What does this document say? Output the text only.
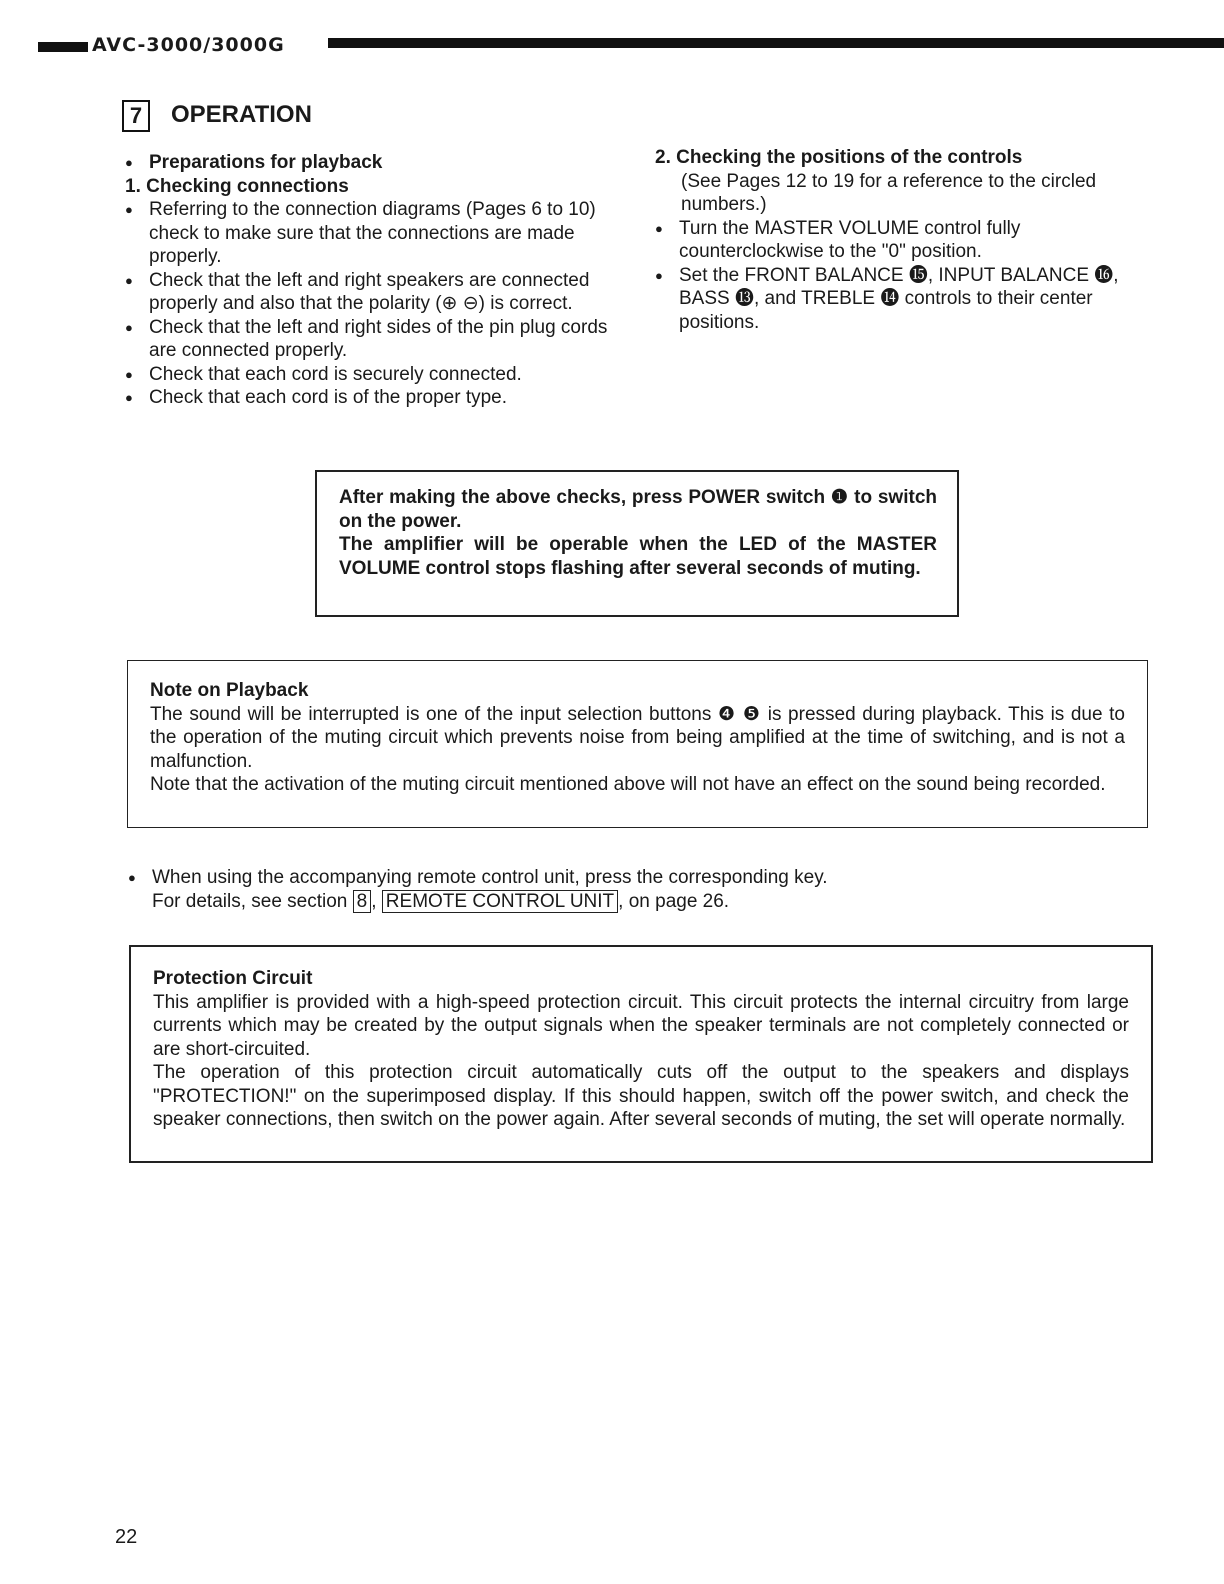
AVC-3000/3000G
7	OPERATION
● Preparations for playback
1. Checking connections
● Referring to the connection diagrams (Pages 6 to 10) check to make sure that the connections are made properly.
● Check that the left and right speakers are connected properly and also that the polarity (⊕ ⊖) is correct.
● Check that the left and right sides of the pin plug cords are connected properly.
● Check that each cord is securely connected.
● Check that each cord is of the proper type.
2. Checking the positions of the controls
(See Pages 12 to 19 for a reference to the circled numbers.)
● Turn the MASTER VOLUME control fully counterclockwise to the "0" position.
● Set the FRONT BALANCE ⓯, INPUT BALANCE ⓰, BASS ⓭, and TREBLE ⓮ controls to their center positions.
After making the above checks, press POWER switch ❶ to switch on the power.
The amplifier will be operable when the LED of the MASTER VOLUME control stops flashing after several seconds of muting.
Note on Playback
The sound will be interrupted is one of the input selection buttons ❹ ❺ is pressed during playback. This is due to the operation of the muting circuit which prevents noise from being amplified at the time of switching, and is not a malfunction.
Note that the activation of the muting circuit mentioned above will not have an effect on the sound being recorded.
● When using the accompanying remote control unit, press the corresponding key.
For details, see section 8 , REMOTE CONTROL UNIT , on page 26.
Protection Circuit
This amplifier is provided with a high-speed protection circuit. This circuit protects the internal circuitry from large currents which may be created by the output signals when the speaker terminals are not completely connected or are short-circuited.
The operation of this protection circuit automatically cuts off the output to the speakers and displays "PROTECTION!" on the superimposed display. If this should happen, switch off the power switch, and check the speaker connections, then switch on the power again. After several seconds of muting, the set will operate normally.
22
